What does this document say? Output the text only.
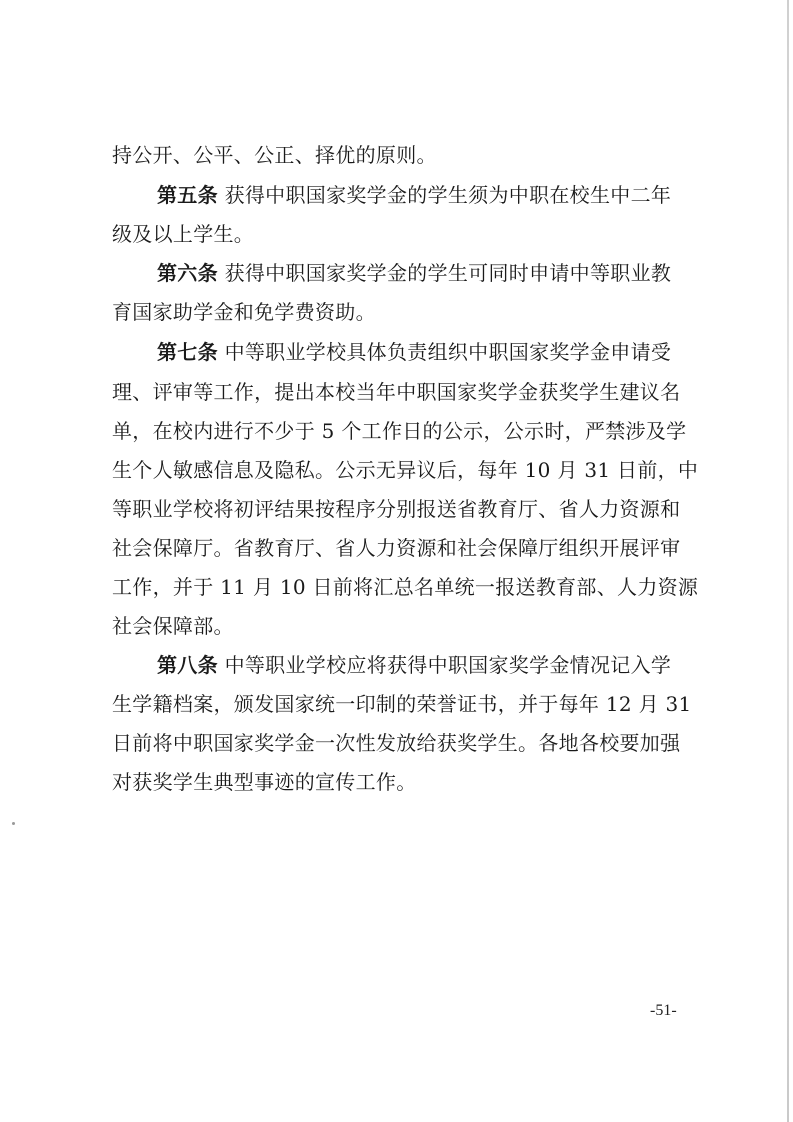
持公开、公平、公正、择优的原则。
第五条 获得中职国家奖学金的学生须为中职在校生中二年
级及以上学生。
第六条 获得中职国家奖学金的学生可同时申请中等职业教
育国家助学金和免学费资助。
第七条 中等职业学校具体负责组织中职国家奖学金申请受
理、评审等工作，提出本校当年中职国家奖学金获奖学生建议名
单，在校内进行不少于 5 个工作日的公示，公示时，严禁涉及学
生个人敏感信息及隐私。公示无异议后，每年 10 月 31 日前，中
等职业学校将初评结果按程序分别报送省教育厅、省人力资源和
社会保障厅。省教育厅、省人力资源和社会保障厅组织开展评审
工作，并于 11 月 10 日前将汇总名单统一报送教育部、人力资源
社会保障部。
第八条 中等职业学校应将获得中职国家奖学金情况记入学
生学籍档案，颁发国家统一印制的荣誉证书，并于每年 12 月 31
日前将中职国家奖学金一次性发放给获奖学生。各地各校要加强
对获奖学生典型事迹的宣传工作。
-51-
